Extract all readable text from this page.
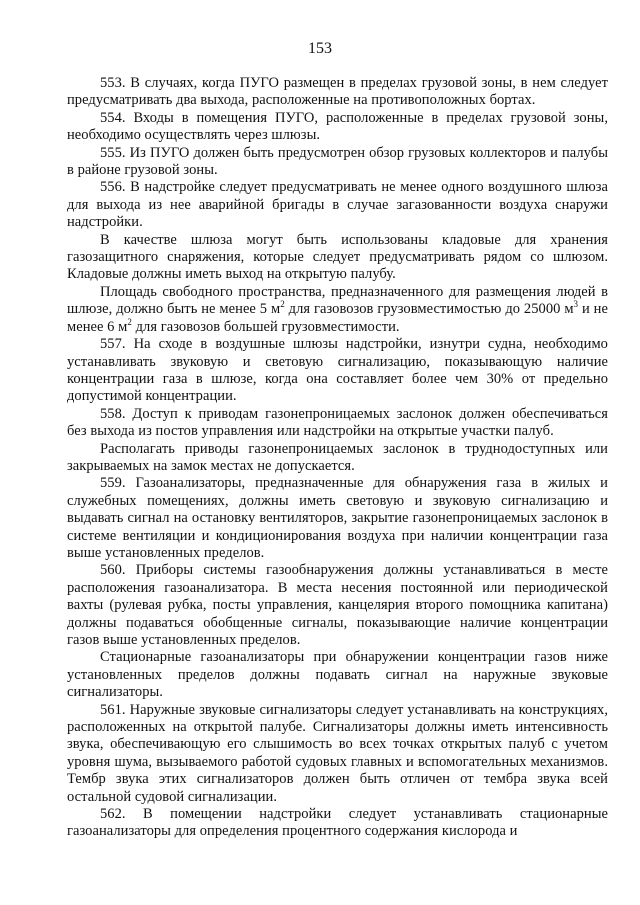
153

553. В случаях, когда ПУГО размещен в пределах грузовой зоны, в нем следует предусматривать два выхода, расположенные на противоположных бортах.

554. Входы в помещения ПУГО, расположенные в пределах грузовой зоны, необходимо осуществлять через шлюзы.

555. Из ПУГО должен быть предусмотрен обзор грузовых коллекторов и палубы в районе грузовой зоны.

556. В надстройке следует предусматривать не менее одного воздушного шлюза для выхода из нее аварийной бригады в случае загазованности воздуха снаружи надстройки.

В качестве шлюза могут быть использованы кладовые для хранения газозащитного снаряжения, которые следует предусматривать рядом со шлюзом. Кладовые должны иметь выход на открытую палубу.

Площадь свободного пространства, предназначенного для размещения людей в шлюзе, должно быть не менее 5 $м^2$ для газовозов грузовместимостью до 25000 $м^3$ и не менее 6 $м^2$ для газовозов большей грузовместимости.

557. На сходе в воздушные шлюзы надстройки, изнутри судна, необходимо устанавливать звуковую и световую сигнализацию, показывающую наличие концентрации газа в шлюзе, когда она составляет более чем 30% от предельно допустимой концентрации.

558. Доступ к приводам газонепроницаемых заслонок должен обеспечиваться без выхода из постов управления или надстройки на открытые участки палуб.

Располагать приводы газонепроницаемых заслонок в труднодоступных или закрываемых на замок местах не допускается.

559. Газоанализаторы, предназначенные для обнаружения газа в жилых и служебных помещениях, должны иметь световую и звуковую сигнализацию и выдавать сигнал на остановку вентиляторов, закрытие газонепроницаемых заслонок в системе вентиляции и кондиционирования воздуха при наличии концентрации газа выше установленных пределов.

560. Приборы системы газообнаружения должны устанавливаться в месте расположения газоанализатора. В места несения постоянной или периодической вахты (рулевая рубка, посты управления, канцелярия второго помощника капитана) должны подаваться обобщенные сигналы, показывающие наличие концентрации газов выше установленных пределов.

Стационарные газоанализаторы при обнаружении концентрации газов ниже установленных пределов должны подавать сигнал на наружные звуковые сигнализаторы.

561. Наружные звуковые сигнализаторы следует устанавливать на конструкциях, расположенных на открытой палубе. Сигнализаторы должны иметь интенсивность звука, обеспечивающую его слышимость во всех точках открытых палуб с учетом уровня шума, вызываемого работой судовых главных и вспомогательных механизмов. Тембр звука этих сигнализаторов должен быть отличен от тембра звука всей остальной судовой сигнализации.

562. В помещении надстройки следует устанавливать стационарные газоанализаторы для определения процентного содержания кислорода и
